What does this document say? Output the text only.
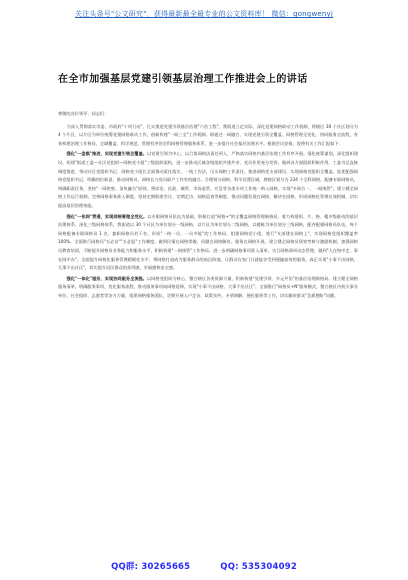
关注头条号"公文研究"，获得最新最全最专业的公文资料库！ 微信：gongwenyj
在全市加强基层党建引领基层治理工作推进会上的讲话

尊敬的各位领导、同志们：

为深入贯彻落实市委、市政府"十项行动"，扎实推进党建引领基层治理"六治工程"，我街道立足实际，深化党建网格联动工作机制，将辖区 30 个社区划分为 4 个片区，以片区为单位统筹党建网格联动工作，创新构建"一网三全"工作机制。即通过一网融合、实现党建引领全覆盖、网格管理全党化、协同服务全流程，有效构建治理工作格局，全域覆盖、科学规范、管理有序的全科网格管理服务体系，进一步提升社会基层治理水平。根据会议安排，现将有关工作汇报如下：

强化"一盘棋"推进，实现党建引领全覆盖。以党建引领为中心，以吕第网格法责任到人，严格落实网格内基层治理工作有序开展。强化统筹谋划，深化组织建设，构建"街道工委—社区党组织—网格党小组"三级组织架构，进一步推动区域各级组织共建共享、党员作用充分发挥，做到各方面组织积极作用，工委书记直接调度推进，带动社区党组织书记、网格党小组长全面推动责任落实、一线工作法，压实网格工作责任。推进网格党支部建设，实现网格党组织全覆盖。选优配强网格党组织书记，明确岗位职责，推动网格员、网格长与党员联户工作有机融合。合理划分网格，科学设置区域，将辖区划分为 234 个全科网格，配备专职网格员，明确职责任务，坚持"一网兜底、条块融合"原则，将综治、民政、城管、市场监管、应急等各类专项工作统一纳入网格，实现"多网合一、一网统管"。建立健全网格工作运行机制，完善网格事务准入制度，坚持定期联席会议、定期走访、网格巡查等制度，推动问题发现在网格、解决在网格，形成网格化管理长效机制，切实提高基层治理效能。

强化"一张网"贯通，实现网格管理全党化。以专职网格员队伍为基础，积极打造"网格+"的全覆盖网格管理新格局，着力构建街、片、格、楼多级联动的基层治理体系。深化三级网格体系，我街道以 30 个社区为单位划分一级网格，以片区为单位划分二级网格，以楼栋为单位划分三级网格，配齐配强网格员队伍，每个网格配备专职网格员 1 名、兼职网格员若干名，形成"一格一员、一员多能"的工作格局。组建网格党小组，推行"支部建在网格上"，实现网格党组织覆盖率 100%。全面推行网格员"五必访""五必报"工作制度，做到民情在网格掌握、问题在网格解决、服务在网格开展，建立健全网格员绩效考核与激励机制，加强网格员教育培训，不断提升网格员业务能力和服务水平，积极构建"一网统管"工作格局。进一步明确网格事项准入清单，实行网格事项动态管理，做到"人在格中走、事在网中办"，全面提升网格化服务管理精细化水平，将网格打造成为服务群众的前沿阵地，让群众在家门口就能享受到便捷高效的服务，真正实现"小事不出网格、大事不出社区"，切实提升居民群众的获得感、幸福感和安全感。

强化"一体化"服务，实现协同服务全流程。以网格党组织为核心，整合辖区各类资源力量，积极构建"党建引领、多元共治"的基层治理新格局。建立健全网格服务清单，明确服务事项，优化服务流程，推动服务事项向网格延伸，实现"小事不出网格、大事不出社区"。全面推行"网格员+N"服务模式，整合辖区内机关事业单位、社会组织、志愿者等各方力量，组建网格服务团队，定期开展入户走访、政策宣传、矛盾调解、便民服务等工作，切实解决群众"急难愁盼"问题。

QQ群: 30265665	QQ: 535304092
